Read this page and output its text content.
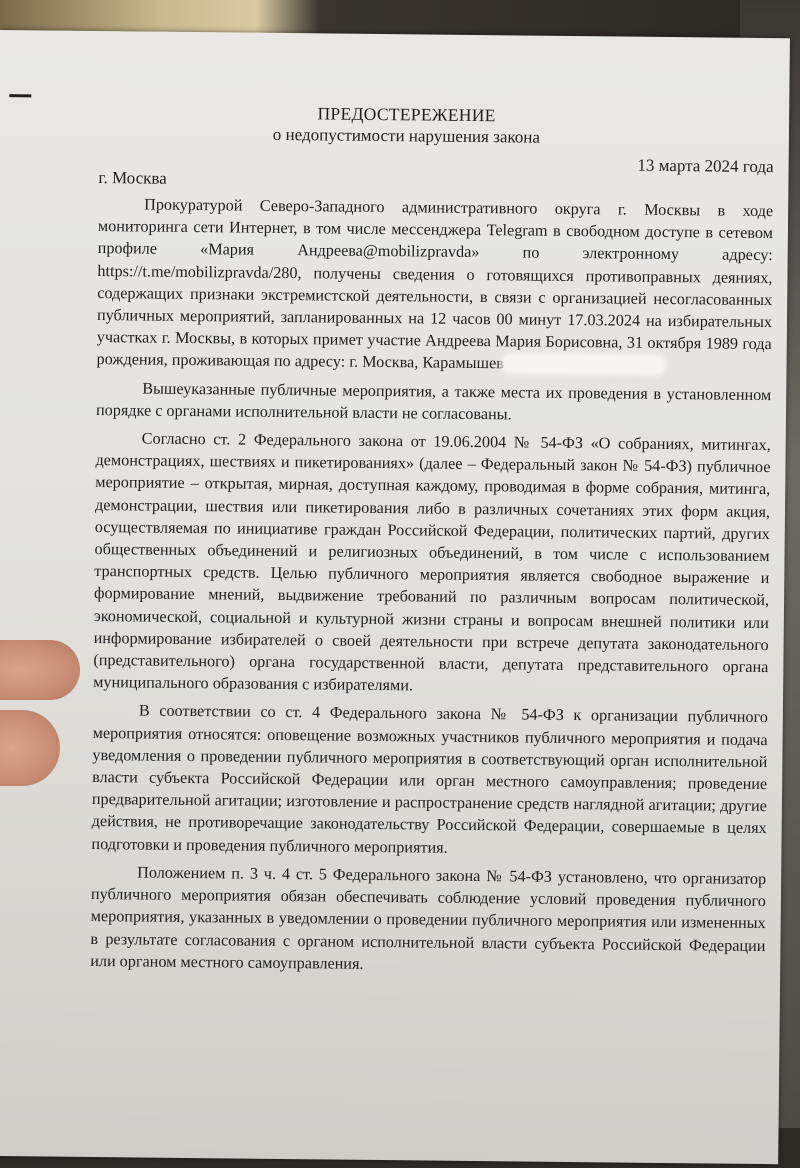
ПРЕДОСТЕРЕЖЕНИЕ
о недопустимости нарушения закона
13 марта 2024 года
г. Москва

Прокуратурой Северо-Западного административного округа г. Москвы в ходе мониторинга сети Интернет, в том числе мессенджера Telegram в свободном доступе в сетевом профиле «Мария Андреева@mobilizpravda» по электронному адресу: https://t.me/mobilizpravda/280, получены сведения о готовящихся противоправных деяниях, содержащих признаки экстремистской деятельности, в связи с организацией несогласованных публичных мероприятий, запланированных на 12 часов 00 минут 17.03.2024 на избирательных участках г. Москвы, в которых примет участие Андреева Мария Борисовна, 31 октября 1989 года рождения, проживающая по адресу: г. Москва, Карамышев

Вышеуказанные публичные мероприятия, а также места их проведения в установленном порядке с органами исполнительной власти не согласованы.

Согласно ст. 2 Федерального закона от 19.06.2004 № 54-ФЗ «О собраниях, митингах, демонстрациях, шествиях и пикетированиях» (далее – Федеральный закон № 54-ФЗ) публичное мероприятие – открытая, мирная, доступная каждому, проводимая в форме собрания, митинга, демонстрации, шествия или пикетирования либо в различных сочетаниях этих форм акция, осуществляемая по инициативе граждан Российской Федерации, политических партий, других общественных объединений и религиозных объединений, в том числе с использованием транспортных средств. Целью публичного мероприятия является свободное выражение и формирование мнений, выдвижение требований по различным вопросам политической, экономической, социальной и культурной жизни страны и вопросам внешней политики или информирование избирателей о своей деятельности при встрече депутата законодательного (представительного) органа государственной власти, депутата представительного органа муниципального образования с избирателями.

В соответствии со ст. 4 Федерального закона № 54-ФЗ к организации публичного мероприятия относятся: оповещение возможных участников публичного мероприятия и подача уведомления о проведении публичного мероприятия в соответствующий орган исполнительной власти субъекта Российской Федерации или орган местного самоуправления; проведение предварительной агитации; изготовление и распространение средств наглядной агитации; другие действия, не противоречащие законодательству Российской Федерации, совершаемые в целях подготовки и проведения публичного мероприятия.

Положением п. 3 ч. 4 ст. 5 Федерального закона № 54-ФЗ установлено, что организатор публичного мероприятия обязан обеспечивать соблюдение условий проведения публичного мероприятия, указанных в уведомлении о проведении публичного мероприятия или измененных в результате согласования с органом исполнительной власти субъекта Российской Федерации или органом местного самоуправления.
